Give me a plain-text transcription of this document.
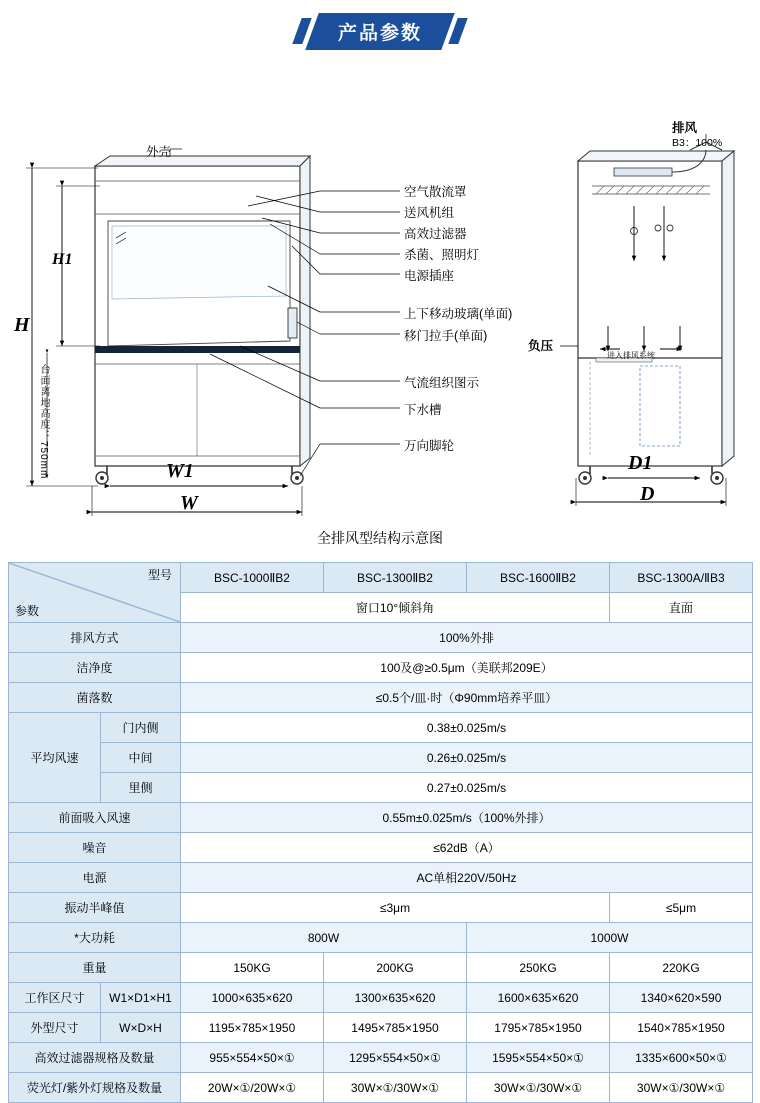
产品参数
外壳
排风
B3：100%
空气散流罩
送风机组
高效过滤器
杀菌、照明灯
电源插座
上下移动玻璃(单面)
移门拉手(单面)
气流组织图示
下水槽
万向脚轮
负压
进入排风系统
台面离地高度：750mm
H
H1
W
W1
D
D1
全排风型结构示意图
型号
参数		BSC-1000ⅡB2	BSC-1300ⅡB2	BSC-1600ⅡB2	BSC-1300A/ⅡB3
		窗口10°倾斜角			直面
排风方式		100%外排			
洁净度		100及@≥0.5μm（美联邦209E）			
菌落数		≤0.5个/皿·时（Φ90mm培养平皿）			
平均风速	门内侧	0.38±0.025m/s			
	中间	0.26±0.025m/s			
	里侧	0.27±0.025m/s			
前面吸入风速		0.55m±0.025m/s（100%外排）			
噪音		≤62dB（A）			
电源		AC单相220V/50Hz			
振动半峰值		≤3μm			≤5μm
*大功耗		800W		1000W	
重量		150KG	200KG	250KG	220KG
工作区尺寸	W1×D1×H1	1000×635×620	1300×635×620	1600×635×620	1340×620×590
外型尺寸	W×D×H	1195×785×1950	1495×785×1950	1795×785×1950	1540×785×1950
高效过滤器规格及数量		955×554×50×①	1295×554×50×①	1595×554×50×①	1335×600×50×①
荧光灯/紫外灯规格及数量		20W×①/20W×①	30W×①/30W×①	30W×①/30W×①	30W×①/30W×①
